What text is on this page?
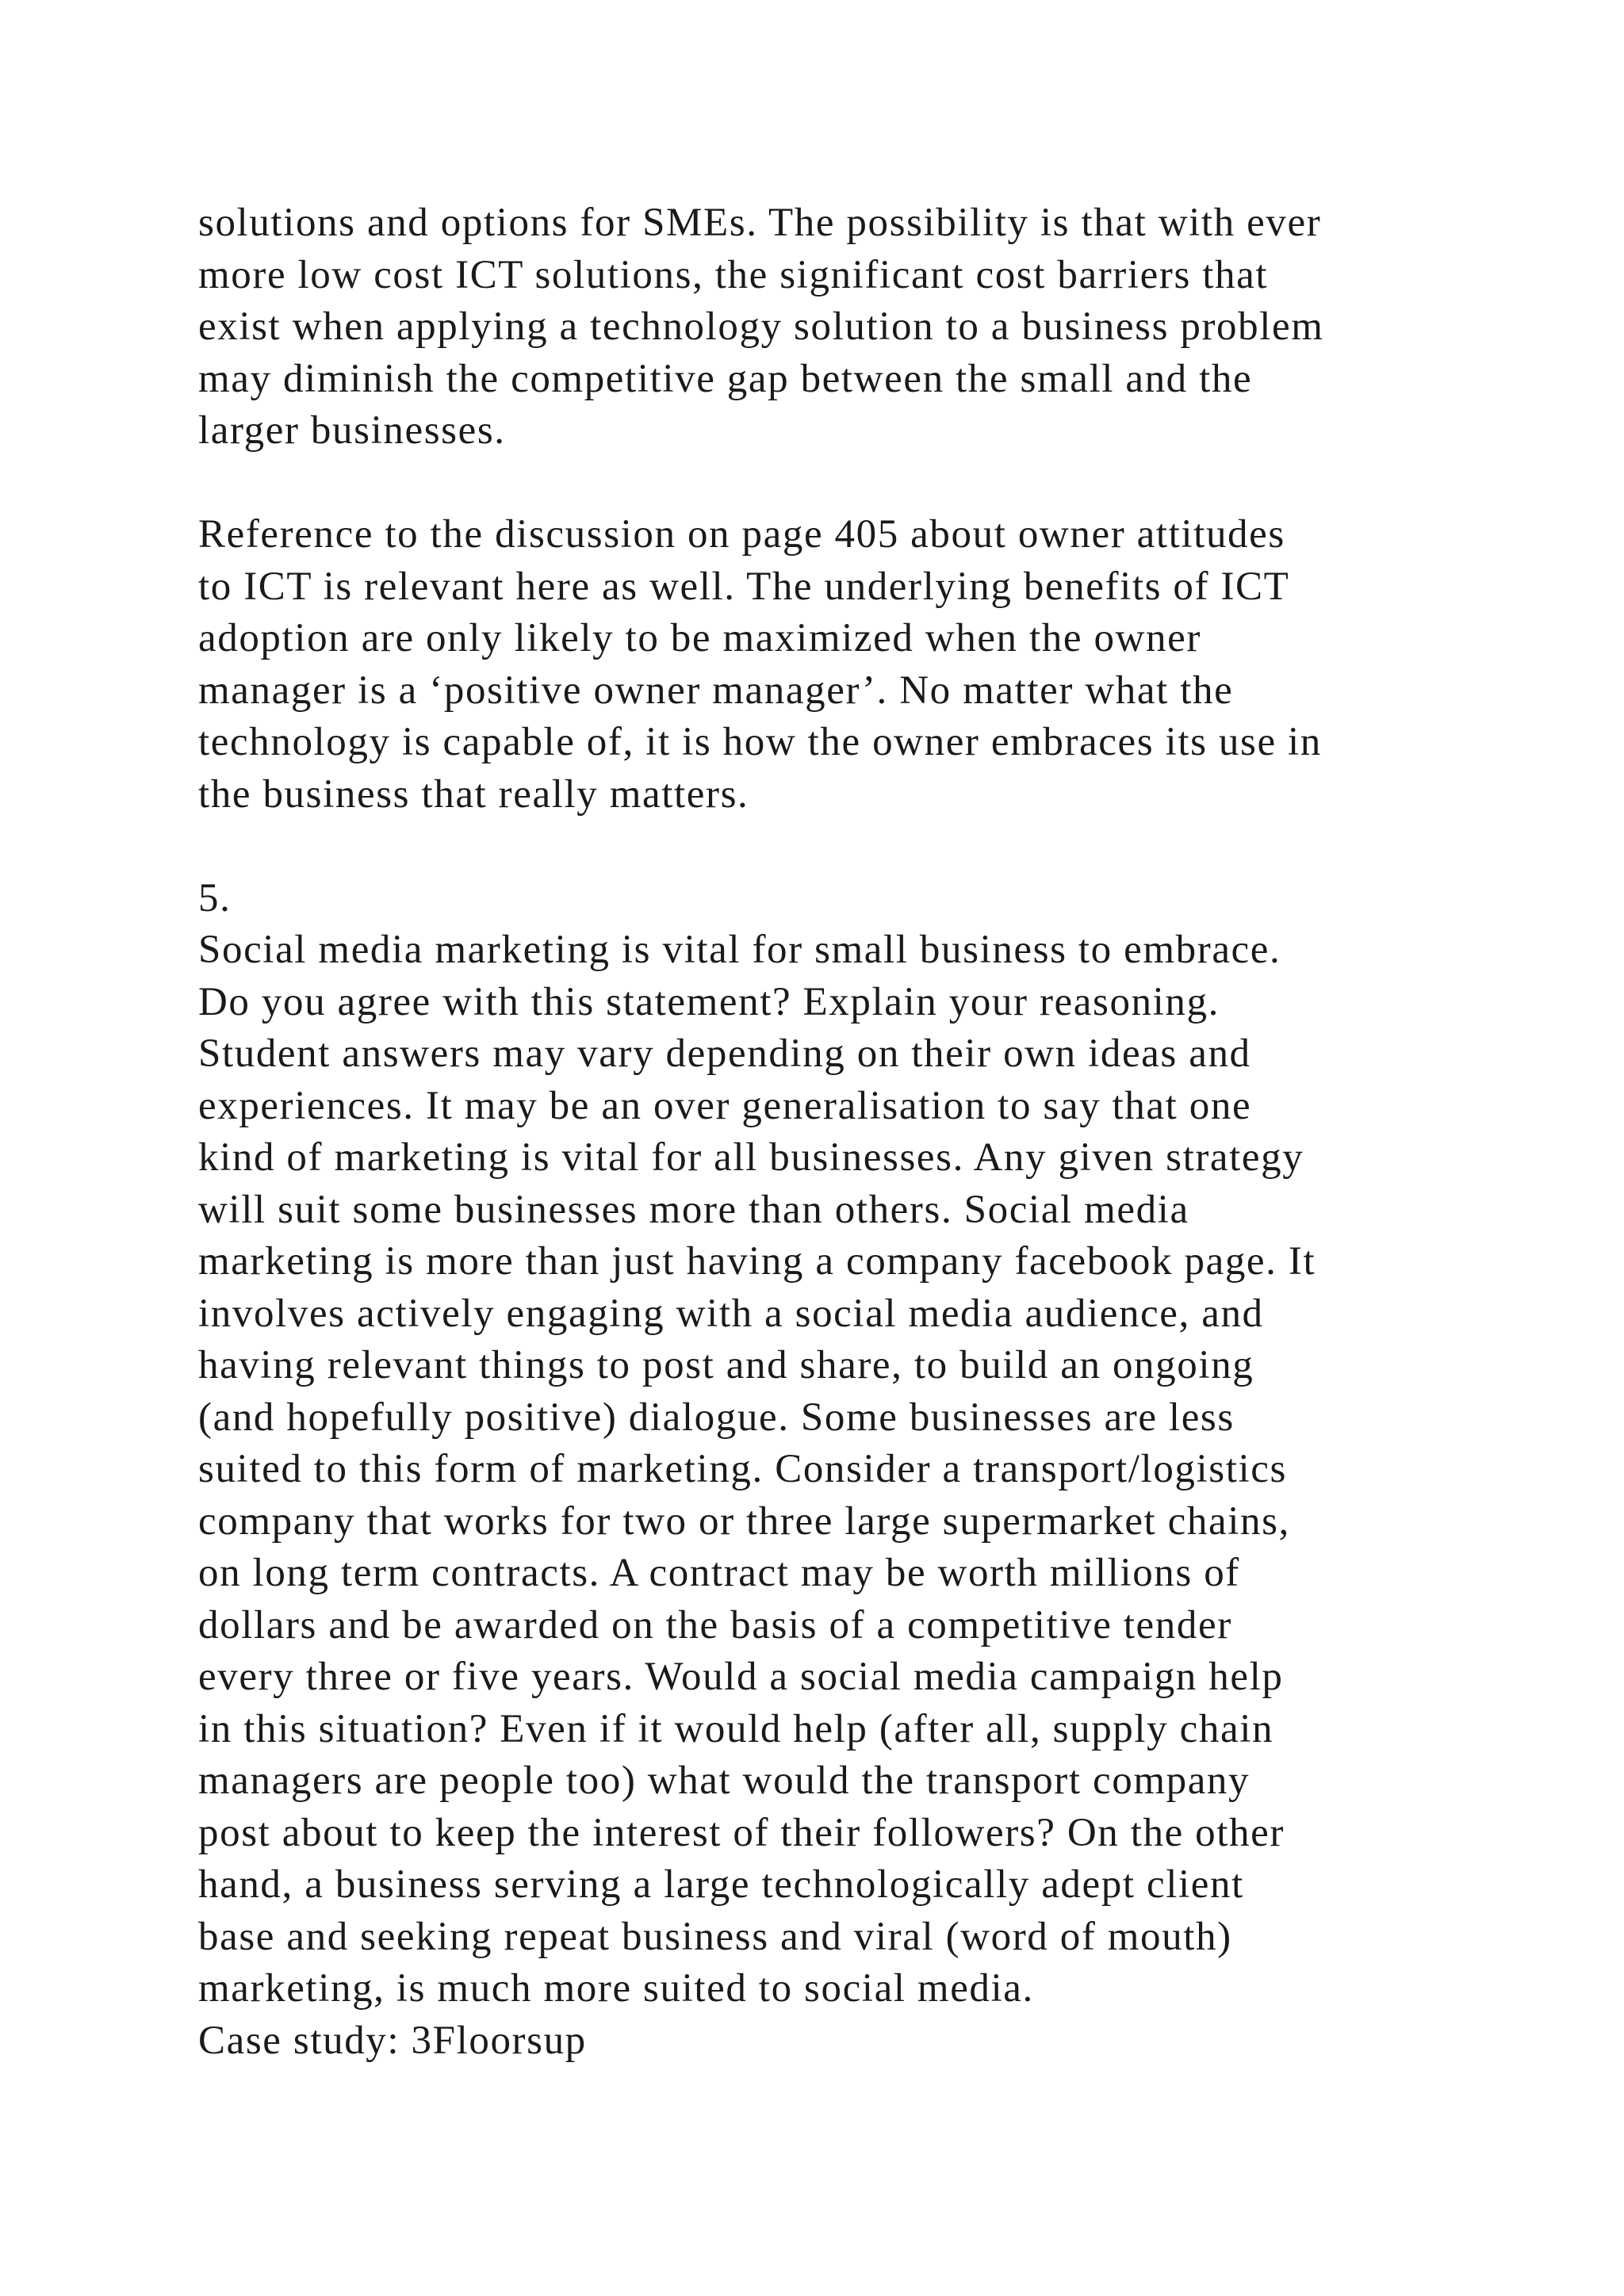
solutions and options for SMEs. The possibility is that with ever
more low cost ICT solutions, the significant cost barriers that
exist when applying a technology solution to a business problem
may diminish the competitive gap between the small and the
larger businesses.
Reference to the discussion on page 405 about owner attitudes
to ICT is relevant here as well. The underlying benefits of ICT
adoption are only likely to be maximized when the owner
manager is a ‘positive owner manager’. No matter what the
technology is capable of, it is how the owner embraces its use in
the business that really matters.
5.
Social media marketing is vital for small business to embrace.
Do you agree with this statement? Explain your reasoning.
Student answers may vary depending on their own ideas and
experiences. It may be an over generalisation to say that one
kind of marketing is vital for all businesses. Any given strategy
will suit some businesses more than others. Social media
marketing is more than just having a company facebook page. It
involves actively engaging with a social media audience, and
having relevant things to post and share, to build an ongoing
(and hopefully positive) dialogue. Some businesses are less
suited to this form of marketing. Consider a transport/logistics
company that works for two or three large supermarket chains,
on long term contracts. A contract may be worth millions of
dollars and be awarded on the basis of a competitive tender
every three or five years. Would a social media campaign help
in this situation? Even if it would help (after all, supply chain
managers are people too) what would the transport company
post about to keep the interest of their followers? On the other
hand, a business serving a large technologically adept client
base and seeking repeat business and viral (word of mouth)
marketing, is much more suited to social media.
Case study: 3Floorsup
